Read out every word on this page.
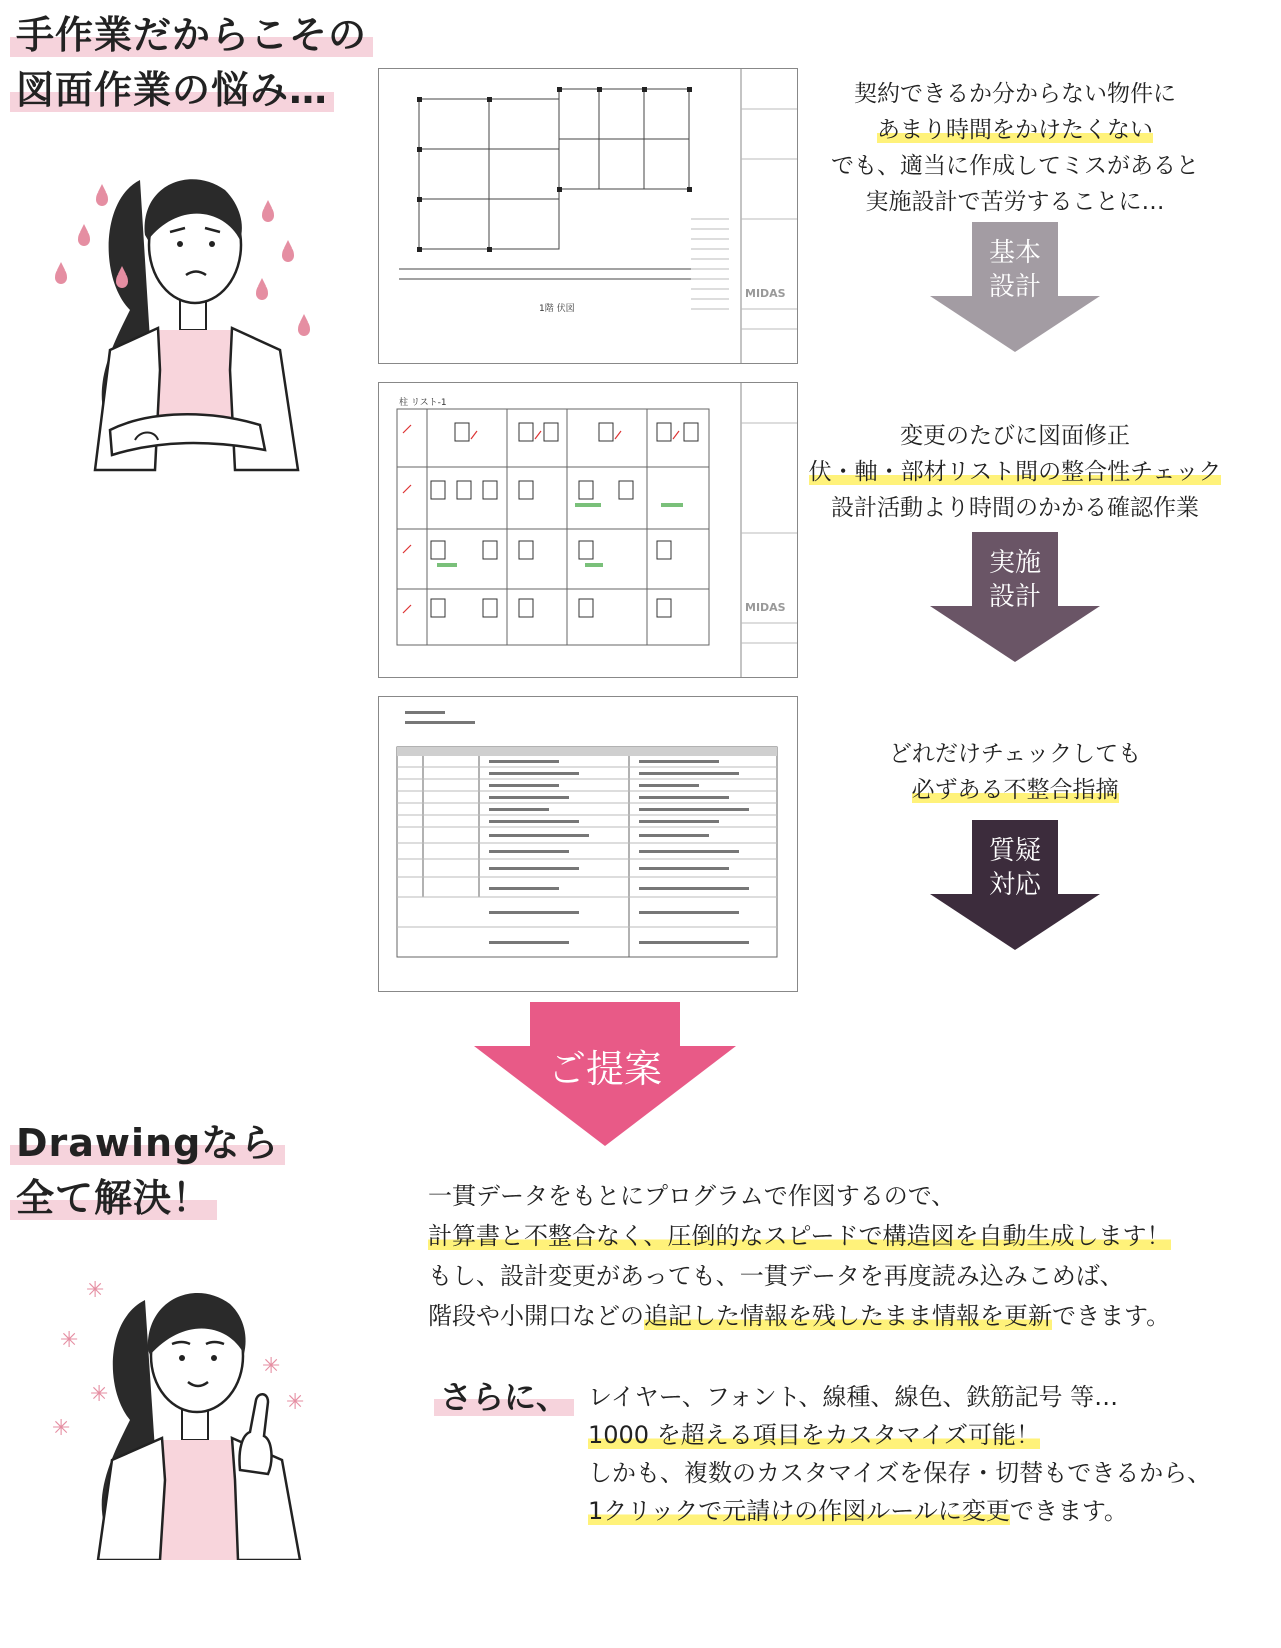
手作業だからこその
図面作業の悩み…
1階 伏図
MIDAS
柱 リスト-1
MIDAS
契約できるか分からない物件に
あまり時間をかけたくない
でも、適当に作成してミスがあると
実施設計で苦労することに…
基本
設計
変更のたびに図面修正
伏・軸・部材リスト間の整合性チェック
設計活動より時間のかかる確認作業
実施
設計
どれだけチェックしても
必ずある不整合指摘
質疑
対応
ご提案
Drawingなら
全て解決！
✳
✳
✳
✳
✳
✳
一貫データをもとにプログラムで作図するので、
計算書と不整合なく、圧倒的なスピードで構造図を自動生成します！
もし、設計変更があっても、一貫データを再度読み込みこめば、
階段や小開口などの追記した情報を残したまま情報を更新できます。
さらに、 レイヤー、フォント、線種、線色、鉄筋記号 等…
1000 を超える項目をカスタマイズ可能！
しかも、複数のカスタマイズを保存・切替もできるから、
1クリックで元請けの作図ルールに変更できます。
